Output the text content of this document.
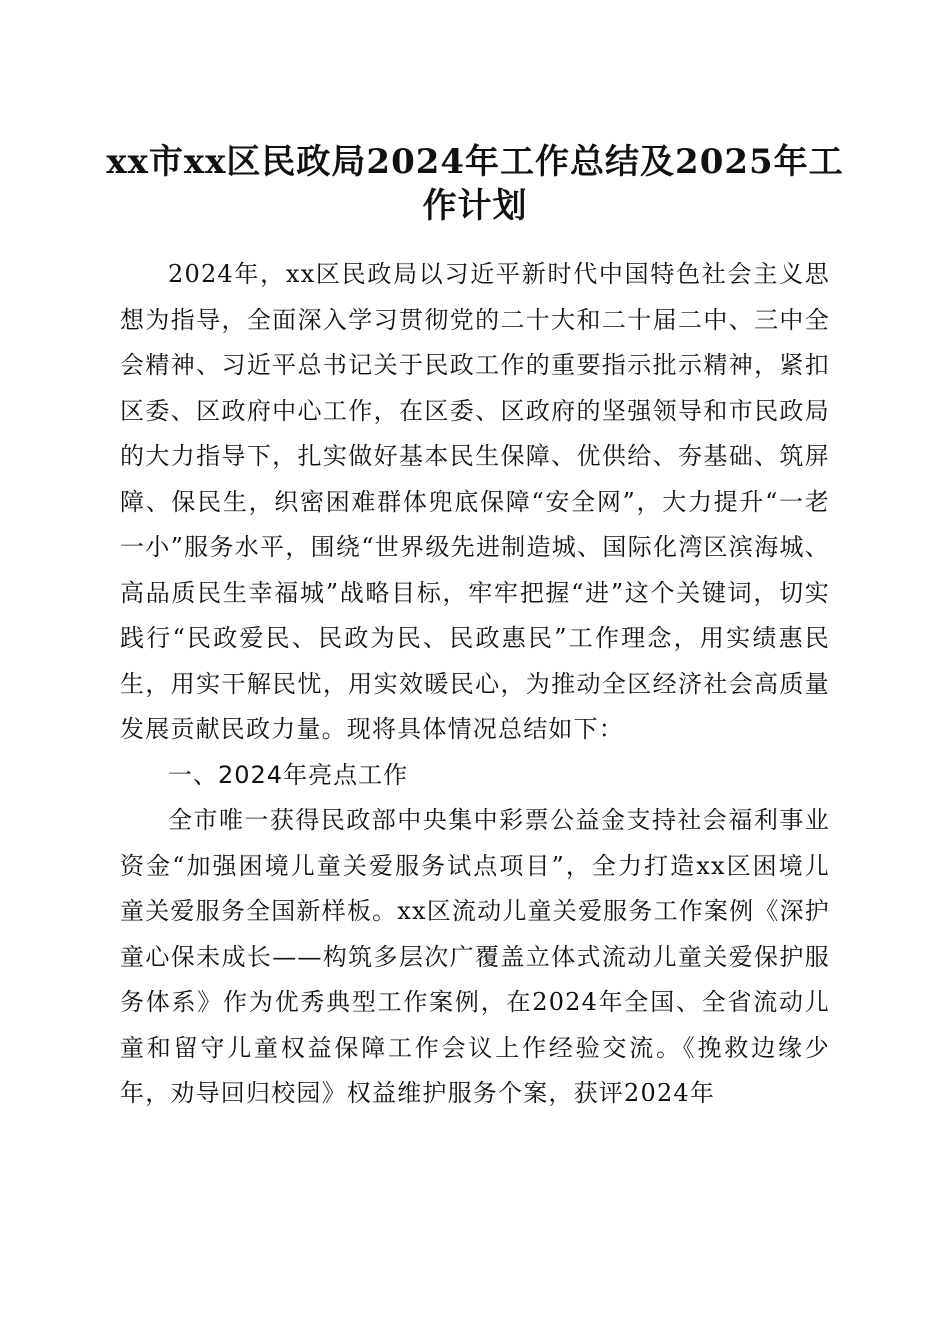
xx市xx区民政局2024年工作总结及2025年工作计划

2024年，xx区民政局以习近平新时代中国特色社会主义思想为指导，全面深入学习贯彻党的二十大和二十届二中、三中全会精神、习近平总书记关于民政工作的重要指示批示精神，紧扣区委、区政府中心工作，在区委、区政府的坚强领导和市民政局的大力指导下，扎实做好基本民生保障、优供给、夯基础、筑屏障、保民生，织密困难群体兜底保障“安全网”，大力提升“一老一小”服务水平，围绕“世界级先进制造城、国际化湾区滨海城、高品质民生幸福城”战略目标，牢牢把握“进”这个关键词，切实践行“民政爱民、民政为民、民政惠民”工作理念，用实绩惠民生，用实干解民忧，用实效暖民心，为推动全区经济社会高质量发展贡献民政力量。现将具体情况总结如下：

一、2024年亮点工作

全市唯一获得民政部中央集中彩票公益金支持社会福利事业资金“加强困境儿童关爱服务试点项目”，全力打造xx区困境儿童关爱服务全国新样板。xx区流动儿童关爱服务工作案例《深护童心保未成长——构筑多层次广覆盖立体式流动儿童关爱保护服务体系》作为优秀典型工作案例，在2024年全国、全省流动儿童和留守儿童权益保障工作会议上作经验交流。《挽救边缘少年，劝导回归校园》权益维护服务个案，获评2024年
